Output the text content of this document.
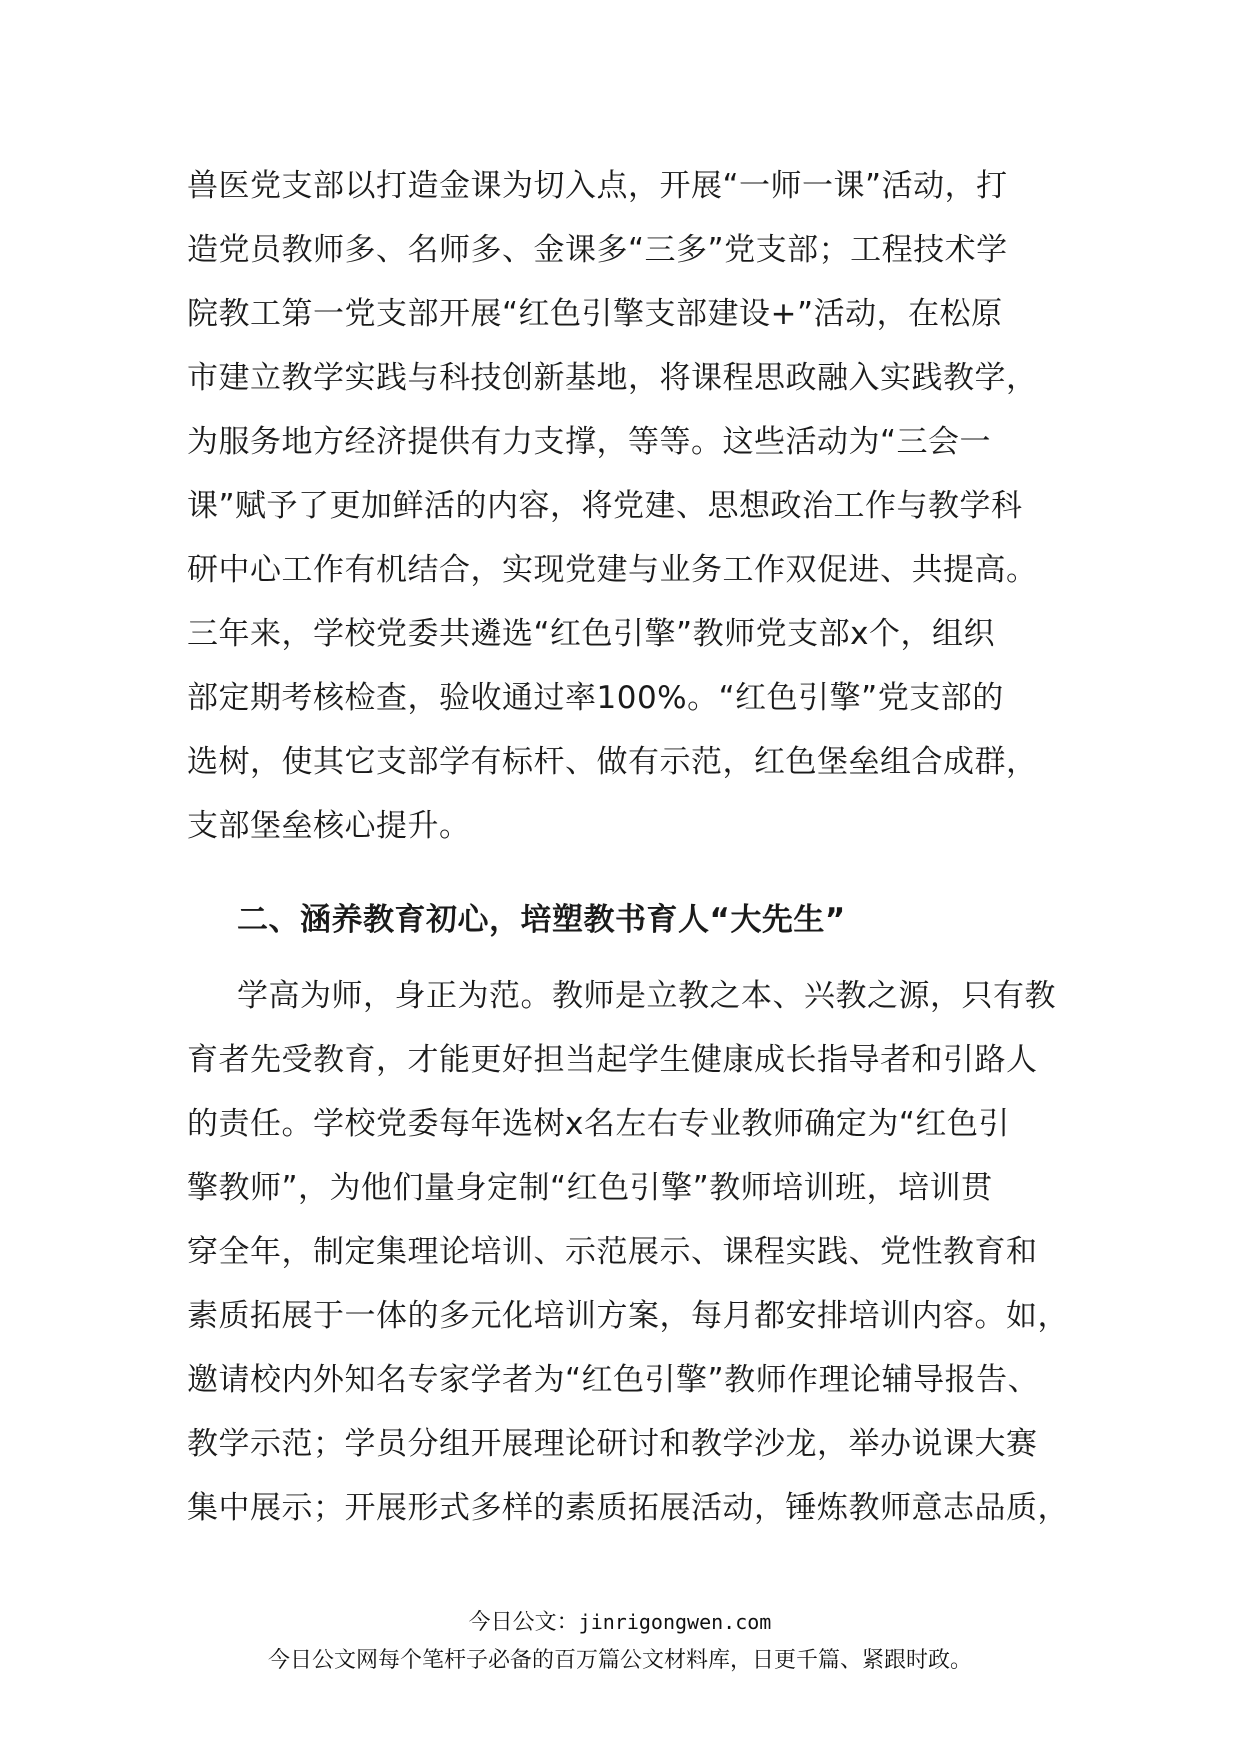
兽医党支部以打造金课为切入点，开展“一师一课”活动，打
造党员教师多、名师多、金课多“三多”党支部；工程技术学
院教工第一党支部开展“红色引擎支部建设+”活动，在松原
市建立教学实践与科技创新基地，将课程思政融入实践教学，
为服务地方经济提供有力支撑，等等。这些活动为“三会一
课”赋予了更加鲜活的内容，将党建、思想政治工作与教学科
研中心工作有机结合，实现党建与业务工作双促进、共提高。
三年来，学校党委共遴选“红色引擎”教师党支部x个，组织
部定期考核检查，验收通过率100%。“红色引擎”党支部的
选树，使其它支部学有标杆、做有示范，红色堡垒组合成群，
支部堡垒核心提升。
二、涵养教育初心，培塑教书育人“大先生”
学高为师，身正为范。教师是立教之本、兴教之源，只有教
育者先受教育，才能更好担当起学生健康成长指导者和引路人
的责任。学校党委每年选树x名左右专业教师确定为“红色引
擎教师”，为他们量身定制“红色引擎”教师培训班，培训贯
穿全年，制定集理论培训、示范展示、课程实践、党性教育和
素质拓展于一体的多元化培训方案，每月都安排培训内容。如，
邀请校内外知名专家学者为“红色引擎”教师作理论辅导报告、
教学示范；学员分组开展理论研讨和教学沙龙，举办说课大赛
集中展示；开展形式多样的素质拓展活动，锤炼教师意志品质，
今日公文：jinrigongwen.com
今日公文网每个笔杆子必备的百万篇公文材料库，日更千篇、紧跟时政。
